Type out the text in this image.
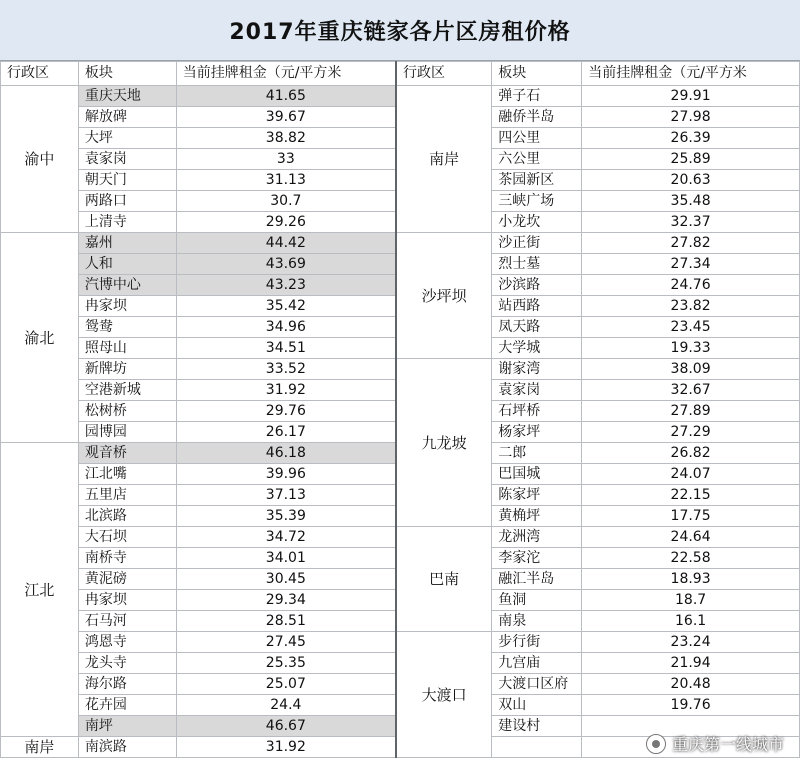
2017年重庆链家各片区房租价格
行政区	板块	当前挂牌租金（元/平方米	行政区	板块	当前挂牌租金（元/平方米
渝中	重庆天地	41.65	南岸	弹子石	29.91
	解放碑	39.67		融侨半岛	27.98
	大坪	38.82		四公里	26.39
	袁家岗	33		六公里	25.89
	朝天门	31.13		茶园新区	20.63
	两路口	30.7		三峡广场	35.48
	上清寺	29.26		小龙坎	32.37
渝北	嘉州	44.42	沙坪坝	沙正街	27.82
	人和	43.69		烈士墓	27.34
	汽博中心	43.23		沙滨路	24.76
	冉家坝	35.42		站西路	23.82
	鸳鸯	34.96		凤天路	23.45
	照母山	34.51		大学城	19.33
	新牌坊	33.52	九龙坡	谢家湾	38.09
	空港新城	31.92		袁家岗	32.67
	松树桥	29.76		石坪桥	27.89
	园博园	26.17		杨家坪	27.29
江北	观音桥	46.18		二郎	26.82
	江北嘴	39.96		巴国城	24.07
	五里店	37.13		陈家坪	22.15
	北滨路	35.39		黄桷坪	17.75
	大石坝	34.72	巴南	龙洲湾	24.64
	南桥寺	34.01		李家沱	22.58
	黄泥磅	30.45		融汇半岛	18.93
	冉家坝	29.34		鱼洞	18.7
	石马河	28.51		南泉	16.1
	鸿恩寺	27.45	大渡口	步行街	23.24
	龙头寺	25.35		九宫庙	21.94
	海尔路	25.07		大渡口区府	20.48
	花卉园	24.4		双山	19.76
	南坪	46.67		建设村	
南岸	南滨路	31.92				重庆第一线城市
